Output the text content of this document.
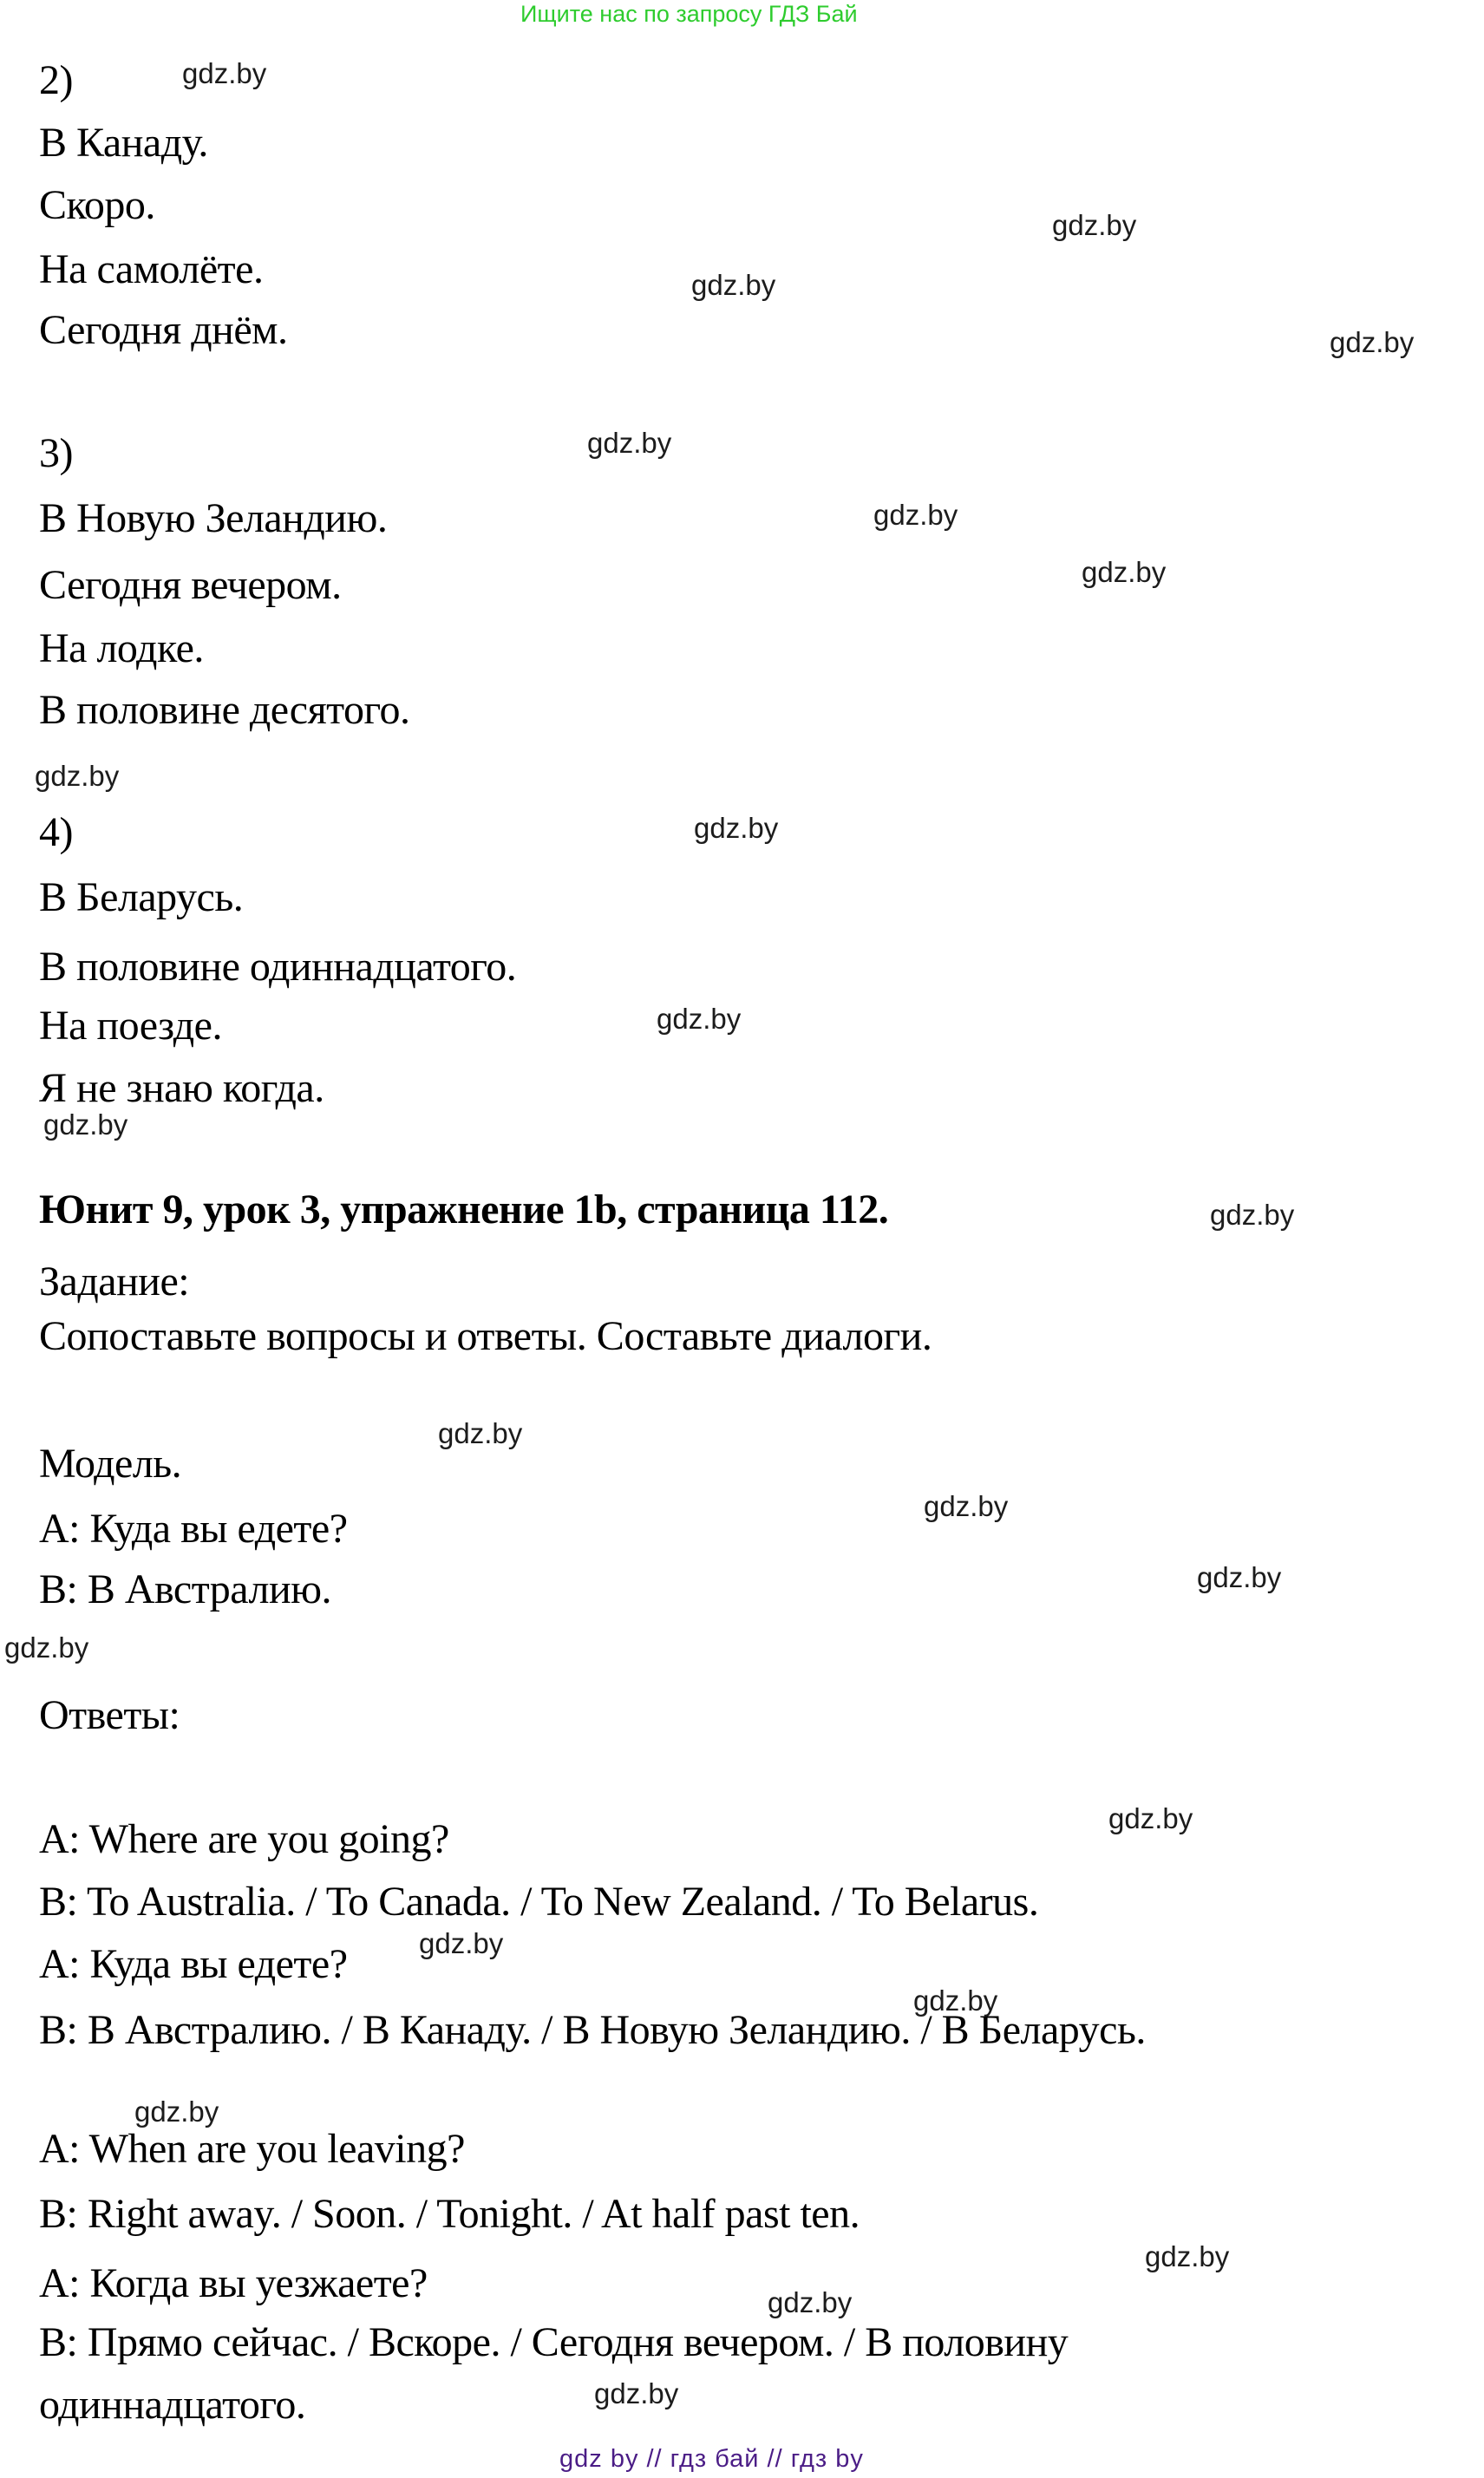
Ищите нас по запросу ГДЗ Бай
2)
В Канаду.
Скоро.
На самолёте.
Сегодня днём.
3)
В Новую Зеландию.
Сегодня вечером.
На лодке.
В половине десятого.
4)
В Беларусь.
В половине одиннадцатого.
На поезде.
Я не знаю когда.
Юнит 9, урок 3, упражнение 1b, страница 112.
Задание:
Сопоставьте вопросы и ответы. Составьте диалоги.
Модель.
А: Куда вы едете?
В: В Австралию.
Ответы:
A: Where are you going?
B: To Australia. / To Canada. / To New Zealand. / To Belarus.
А: Куда вы едете?
В: В Австралию. / В Канаду. / В Новую Зеландию. / В Беларусь.
A: When are you leaving?
B: Right away. / Soon. / Tonight. / At half past ten.
А: Когда вы уезжаете?
В: Прямо сейчас. / Вскоре. / Сегодня вечером. / В половину
одиннадцатого.
gdz.by
gdz.by
gdz.by
gdz.by
gdz.by
gdz.by
gdz.by
gdz.by
gdz.by
gdz.by
gdz.by
gdz.by
gdz.by
gdz.by
gdz.by
gdz.by
gdz.by
gdz.by
gdz.by
gdz.by
gdz.by
gdz.by
gdz.by
gdz by // гдз бай // гдз by
